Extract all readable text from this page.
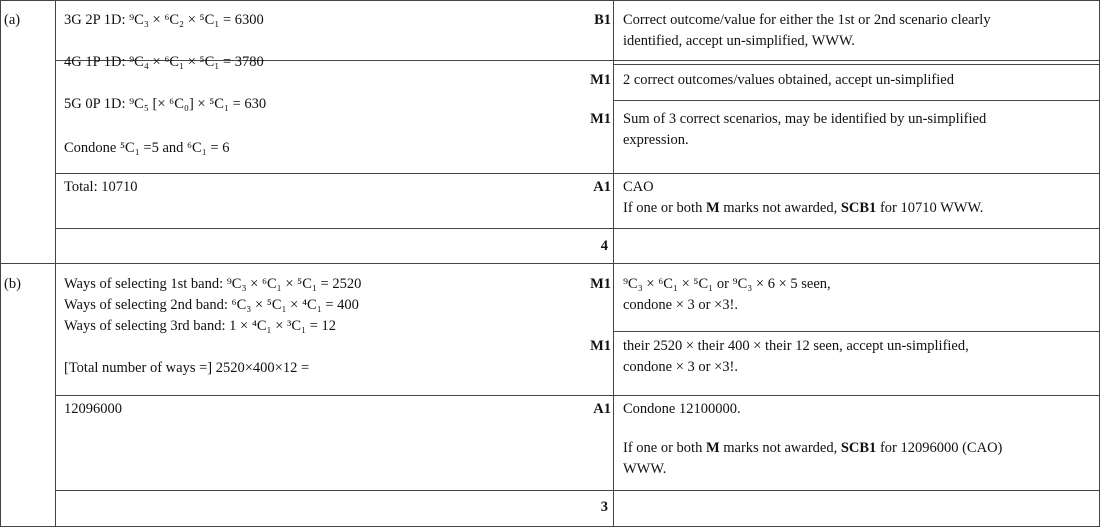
(a)	3G 2P 1D: ⁹C₃ × ⁶C₂ × ⁵C₁ = 6300
4G 1P 1D: ⁹C₄ × ⁶C₁ × ⁵C₁ = 3780
5G 0P 1D: ⁹C₅ [× ⁶C₀] × ⁵C₁ = 630
Condone ⁵C₁ =5 and ⁶C₁ = 6
Total: 10710
B1 Correct outcome/value for either the 1st or 2nd scenario clearly
identified, accept un-simplified, WWW.
M1 2 correct outcomes/values obtained, accept un-simplified
M1 Sum of 3 correct scenarios, may be identified by un-simplified
expression.
A1 CAO
If one or both M marks not awarded, SCB1 for 10710 WWW.
4
(b)	Ways of selecting 1st band: ⁹C₃ × ⁶C₁ × ⁵C₁ = 2520
Ways of selecting 2nd band: ⁶C₃ × ⁵C₁ × ⁴C₁ = 400
Ways of selecting 3rd band: 1 × ⁴C₁ × ³C₁ = 12
[Total number of ways =] 2520×400×12 =
12096000
M1 ⁹C₃ × ⁶C₁ × ⁵C₁ or ⁹C₃ × 6 × 5 seen,
condone × 3 or ×3!.
M1 their 2520 × their 400 × their 12 seen, accept un-simplified,
condone × 3 or ×3!.
A1 Condone 12100000.
If one or both M marks not awarded, SCB1 for 12096000 (CAO)
WWW.
3
